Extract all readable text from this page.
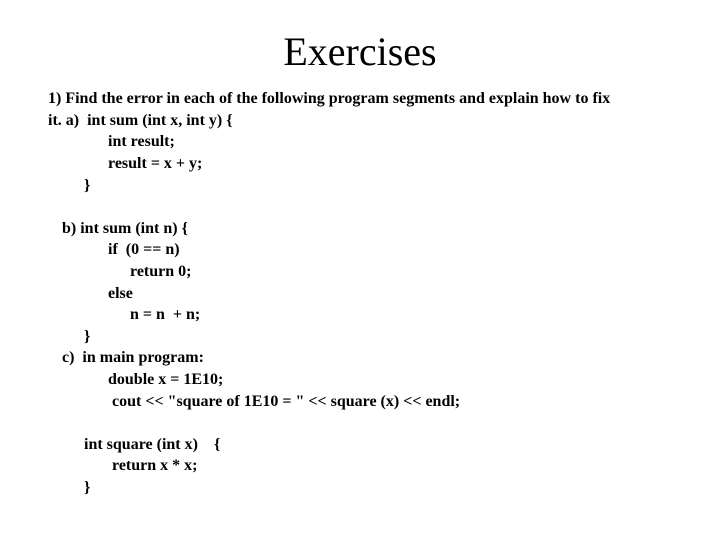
Exercises
1) Find the error in each of the following program segments and explain how to fix
it. a)  int sum (int x, int y) {
int result;
result = x + y;
}
b) int sum (int n) {
if  (0 == n)
return 0;
else
n = n  + n;
}
c)  in main program:
double x = 1E10;
cout << "square of 1E10 = " << square (x) << endl;
int square (int x)    {
return x * x;
}
